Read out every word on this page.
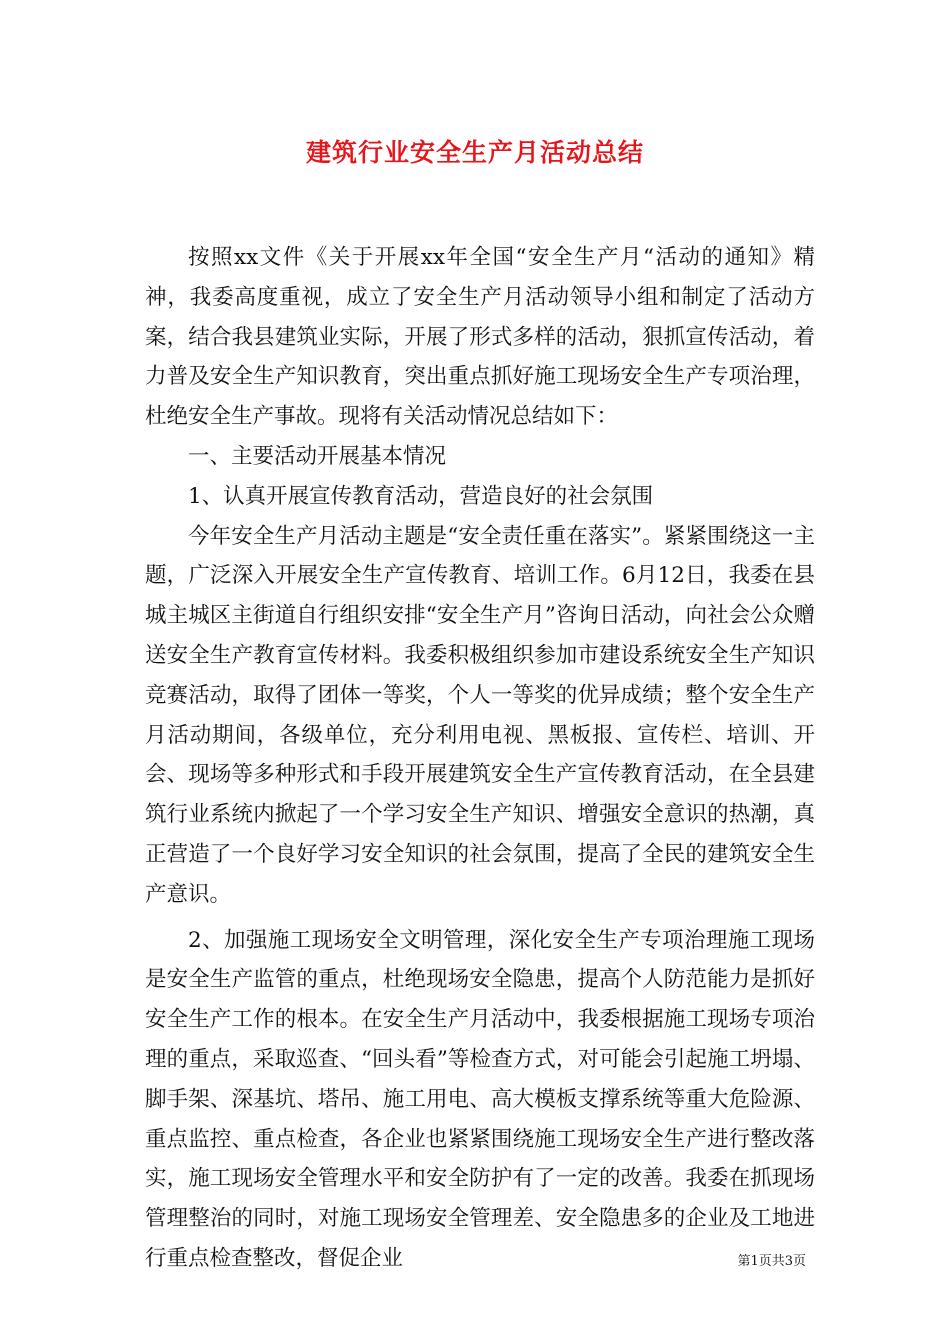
建筑行业安全生产月活动总结

按照xx文件《关于开展xx年全国“安全生产月“活动的通知》精神，我委高度重视，成立了安全生产月活动领导小组和制定了活动方案，结合我县建筑业实际，开展了形式多样的活动，狠抓宣传活动，着力普及安全生产知识教育，突出重点抓好施工现场安全生产专项治理，杜绝安全生产事故。现将有关活动情况总结如下：

一、主要活动开展基本情况

1、认真开展宣传教育活动，营造良好的社会氛围

今年安全生产月活动主题是“安全责任重在落实”。紧紧围绕这一主题，广泛深入开展安全生产宣传教育、培训工作。6月12日，我委在县城主城区主街道自行组织安排“安全生产月”咨询日活动，向社会公众赠送安全生产教育宣传材料。我委积极组织参加市建设系统安全生产知识竞赛活动，取得了团体一等奖，个人一等奖的优异成绩；整个安全生产月活动期间，各级单位，充分利用电视、黑板报、宣传栏、培训、开会、现场等多种形式和手段开展建筑安全生产宣传教育活动，在全县建筑行业系统内掀起了一个学习安全生产知识、增强安全意识的热潮，真正营造了一个良好学习安全知识的社会氛围，提高了全民的建筑安全生产意识。

2、加强施工现场安全文明管理，深化安全生产专项治理施工现场是安全生产监管的重点，杜绝现场安全隐患，提高个人防范能力是抓好安全生产工作的根本。在安全生产月活动中，我委根据施工现场专项治理的重点，采取巡查、“回头看”等检查方式，对可能会引起施工坍塌、脚手架、深基坑、塔吊、施工用电、高大模板支撑系统等重大危险源、重点监控、重点检查，各企业也紧紧围绕施工现场安全生产进行整改落实，施工现场安全管理水平和安全防护有了一定的改善。我委在抓现场管理整治的同时，对施工现场安全管理差、安全隐患多的企业及工地进行重点检查整改，督促企业	第1页共3页
